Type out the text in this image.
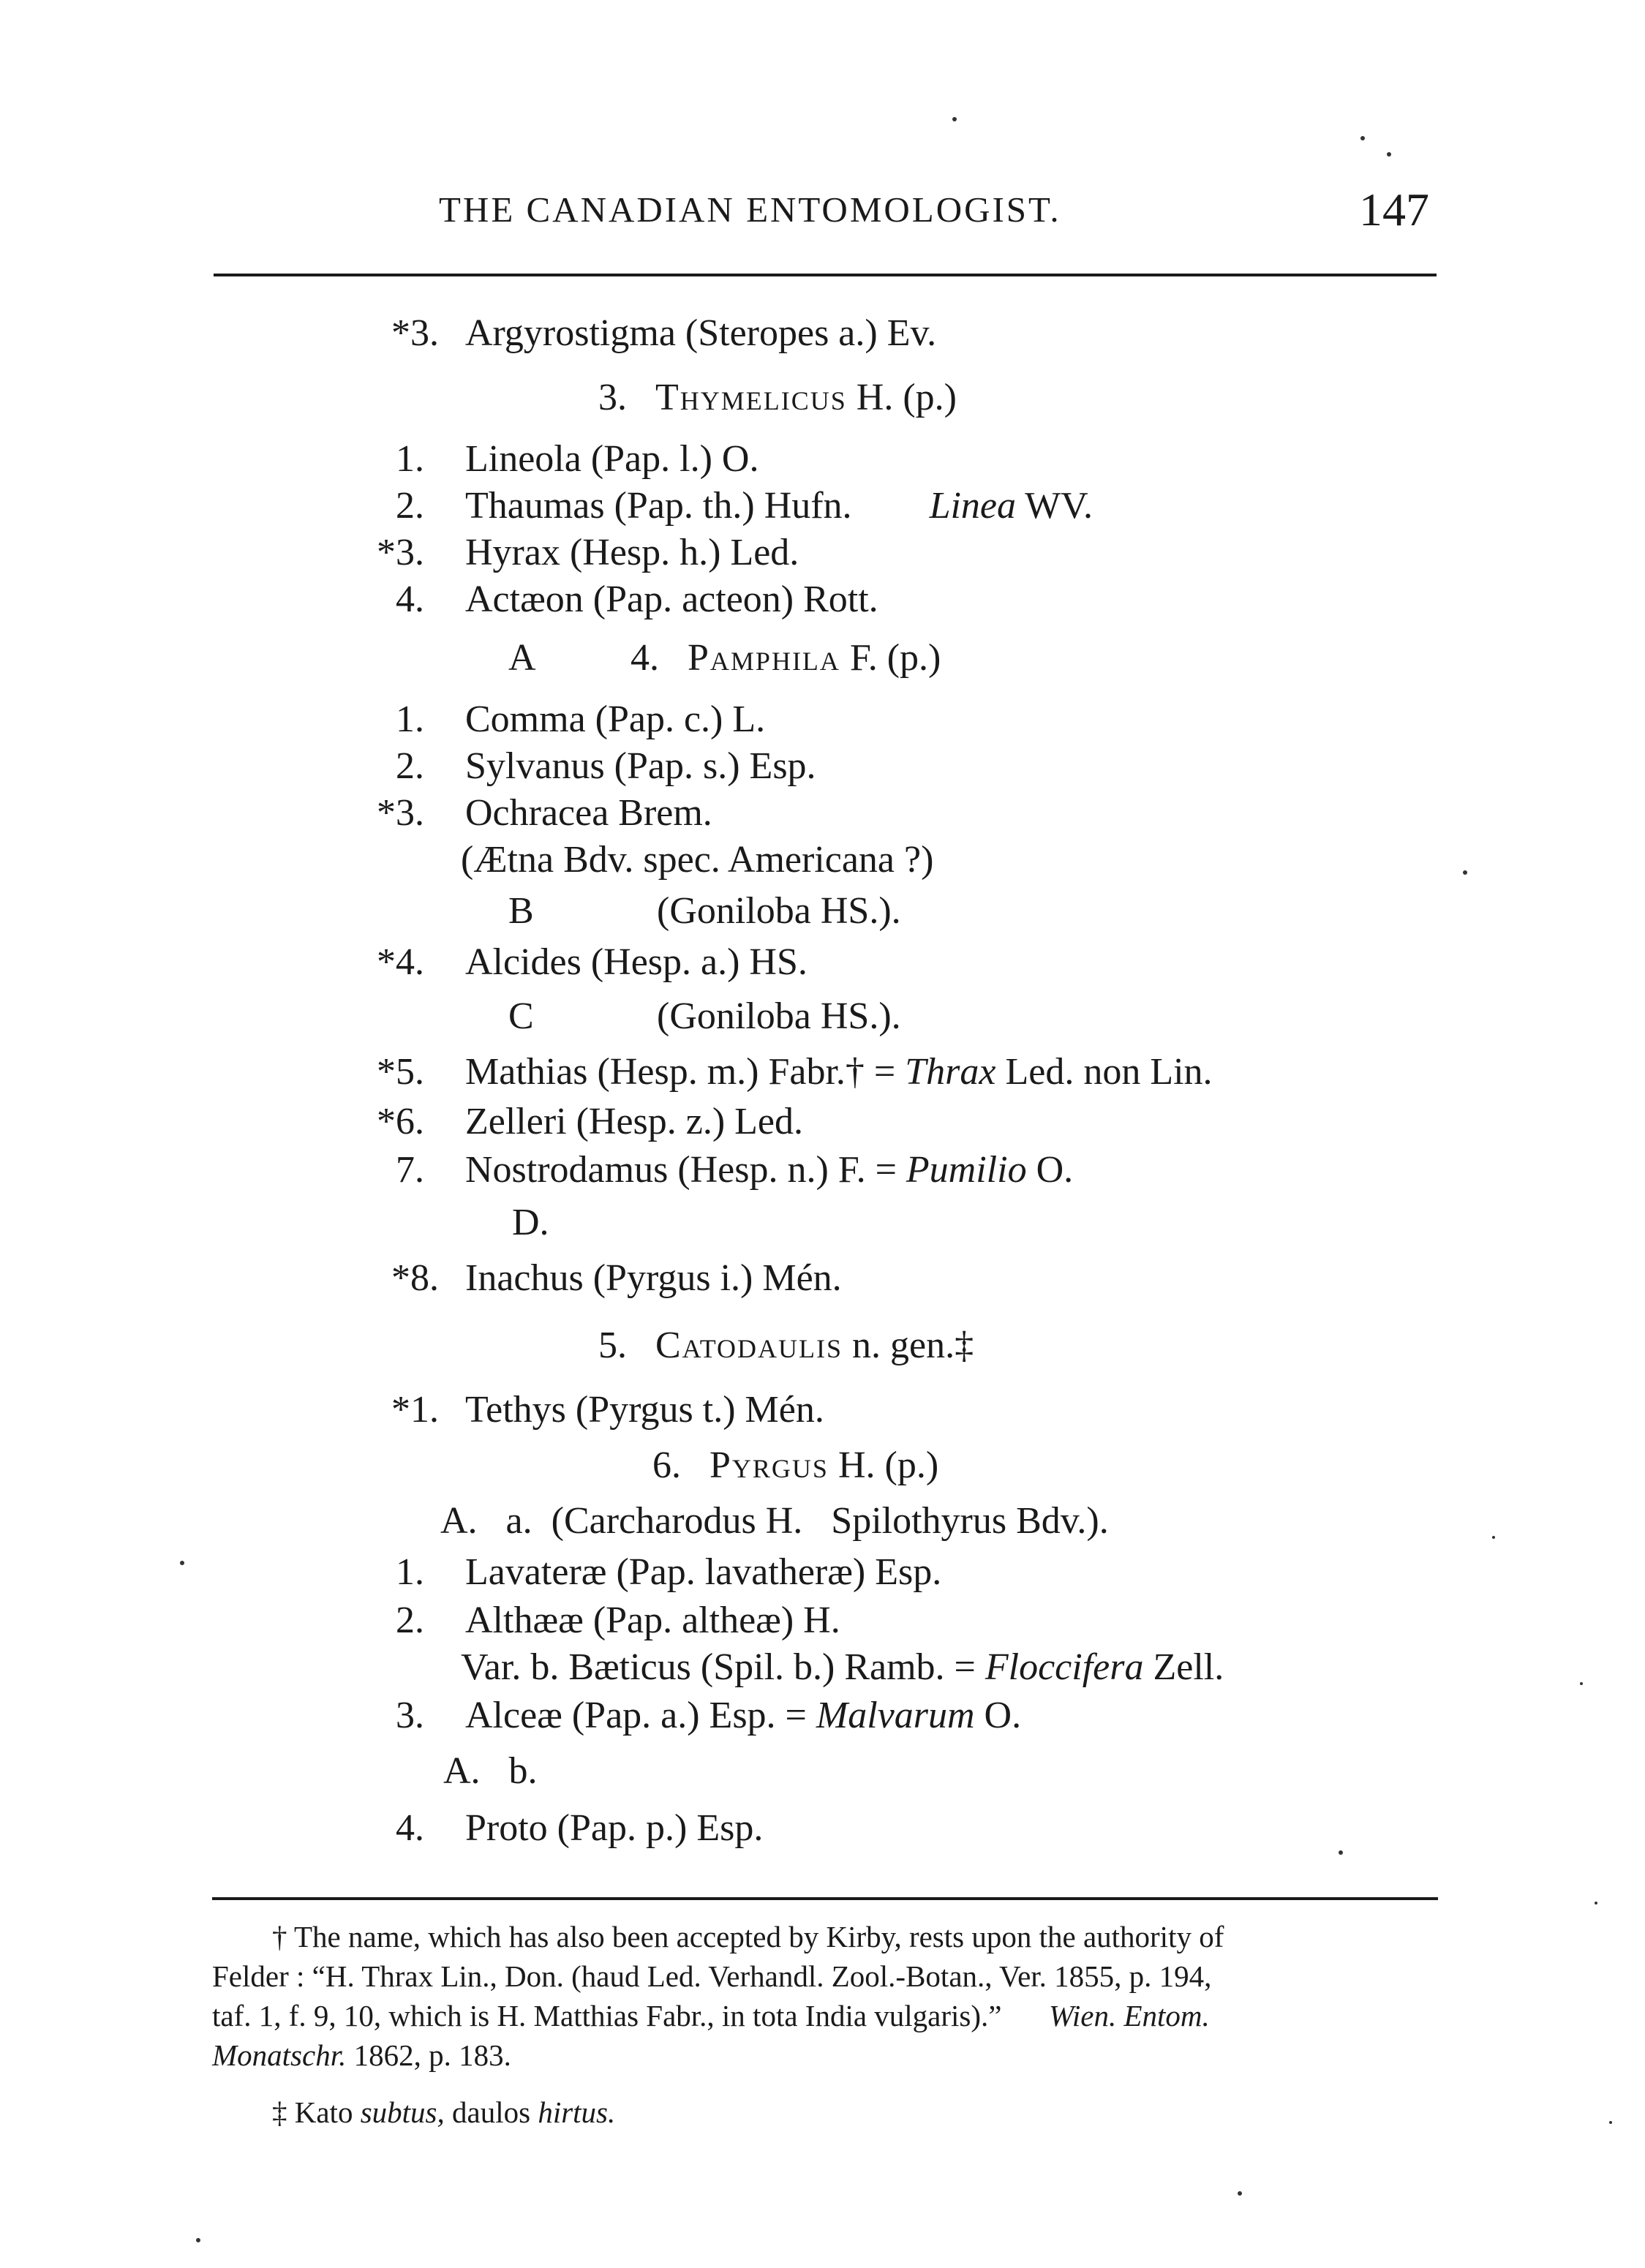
THE CANADIAN ENTOMOLOGIST.	147
*3. Argyrostigma (Steropes a.) Ev.
3. Thymelicus H. (p.)
1. Lineola (Pap. l.) O.
2. Thaumas (Pap. th.) Hufn. Linea WV.
*3. Hyrax (Hesp. h.) Led.
4. Actæon (Pap. acteon) Rott.
A 4. Pamphila F. (p.)
1. Comma (Pap. c.) L.
2. Sylvanus (Pap. s.) Esp.
*3. Ochracea Brem.
(Ætna Bdv. spec. Americana ?)
B	(Goniloba HS.).
*4. Alcides (Hesp. a.) HS.
C	(Goniloba HS.).
*5. Mathias (Hesp. m.) Fabr.† = Thrax Led. non Lin.
*6. Zelleri (Hesp. z.) Led.
7. Nostrodamus (Hesp. n.) F. = Pumilio O.
D.
*8. Inachus (Pyrgus i.) Mén.
5. Catodaulis n. gen.‡
*1. Tethys (Pyrgus t.) Mén.
6. Pyrgus H. (p.)
A.   a.  (Carcharodus H.   Spilothyrus Bdv.).
1. Lavateræ (Pap. lavatheræ) Esp.
2. Althææ (Pap. altheæ) H.
Var. b. Bæticus (Spil. b.) Ramb. = Floccifera Zell.
3. Alceæ (Pap. a.) Esp. = Malvarum O.
A.   b.
4. Proto (Pap. p.) Esp.
† The name, which has also been accepted by Kirby, rests upon the authority of
Felder : “H. Thrax Lin., Don. (haud Led. Verhandl. Zool.-Botan., Ver. 1855, p. 194,
taf. 1, f. 9, 10, which is H. Matthias Fabr., in tota India vulgaris).” Wien. Entom.
Monatschr. 1862, p. 183.
‡ Kato subtus, daulos hirtus.
